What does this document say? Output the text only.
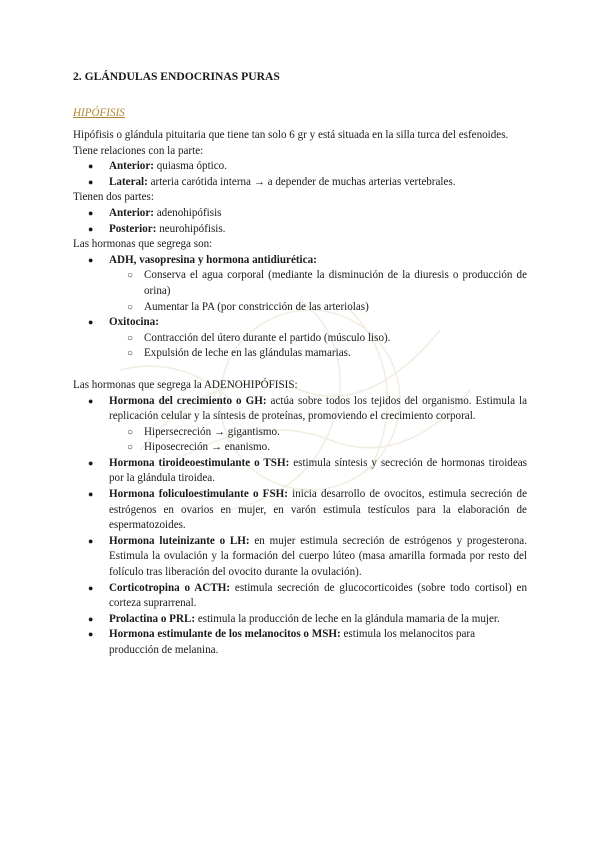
2. GLÁNDULAS ENDOCRINAS PURAS
HIPÓFISIS

Hipófisis o glándula pituitaria que tiene tan solo 6 gr y está situada en la silla turca del esfenoides.

Tiene relaciones con la parte:

● Anterior: quiasma óptico.
● Lateral: arteria carótida interna → a depender de muchas arterias vertebrales.

Tienen dos partes:

● Anterior: adenohipófisis
● Posterior: neurohipófisis.

Las hormonas que segrega son:

● ADH, vasopresina y hormona antidiurética:
○ Conserva el agua corporal (mediante la disminución de la diuresis o producción de orina)
○ Aumentar la PA (por constricción de las arteriolas)
● Oxitocina:
○ Contracción del útero durante el partido (músculo liso).
○ Expulsión de leche en las glándulas mamarias.

Las hormonas que segrega la ADENOHIPÓFISIS:

● Hormona del crecimiento o GH: actúa sobre todos los tejidos del organismo. Estimula la replicación celular y la síntesis de proteínas, promoviendo el crecimiento corporal.
○ Hipersecreción → gigantismo.
○ Hiposecreción → enanismo.
● Hormona tiroideoestimulante o TSH: estimula síntesis y secreción de hormonas tiroideas por la glándula tiroidea.
● Hormona foliculoestimulante o FSH: inicia desarrollo de ovocitos, estimula secreción de estrógenos en ovarios en mujer, en varón estimula testículos para la elaboración de espermatozoides.
● Hormona luteinizante o LH: en mujer estimula secreción de estrógenos y progesterona. Estimula la ovulación y la formación del cuerpo lúteo (masa amarilla formada por resto del folículo tras liberación del ovocito durante la ovulación).
● Corticotropina o ACTH: estimula secreción de glucocorticoides (sobre todo cortisol) en corteza suprarrenal.
● Prolactina o PRL: estimula la producción de leche en la glándula mamaria de la mujer.
● Hormona estimulante de los melanocitos o MSH: estimula los melanocitos para producción de melanina.
